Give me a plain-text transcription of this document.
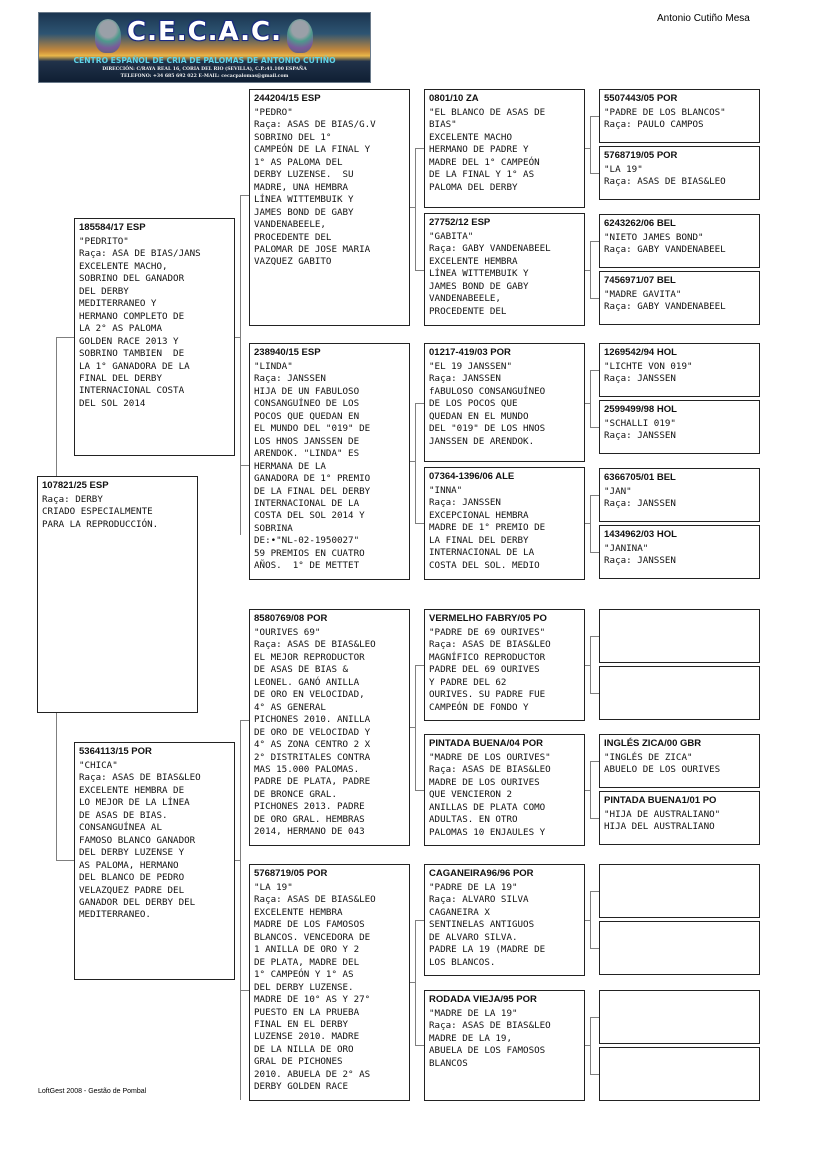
C.E.C.A.C.
CENTRO ESPAÑOL DE CRIA DE PALOMAS DE ANTONIO CUTIÑO
DIRECCIÓN: C/RAYA REAL 16, CORIA DEL RIO (SEVILLA), C.P.:41.100 ESPAÑA
TELEFONO: +34 685 692 022 E-MAIL: cecacpalomas@gmail.com
Antonio Cutiño Mesa
107821/25 ESP
Raça: DERBY
CRIADO ESPECIALMENTE
PARA LA REPRODUCCIÓN.
185584/17 ESP
"PEDRITO"
Raça: ASA DE BIAS/JANS
EXCELENTE MACHO,
SOBRINO DEL GANADOR
DEL DERBY
MEDITERRANEO Y
HERMANO COMPLETO DE
LA 2° AS PALOMA
GOLDEN RACE 2013 Y
SOBRINO TAMBIEN  DE
LA 1° GANADORA DE LA
FINAL DEL DERBY
INTERNACIONAL COSTA
DEL SOL 2014
5364113/15 POR
"CHICA"
Raça: ASAS DE BIAS&LEO
EXCELENTE HEMBRA DE
LO MEJOR DE LA LÍNEA
DE ASAS DE BIAS.
CONSANGUÍNEA AL
FAMOSO BLANCO GANADOR
DEL DERBY LUZENSE Y
AS PALOMA, HERMANO
DEL BLANCO DE PEDRO
VELAZQUEZ PADRE DEL
GANADOR DEL DERBY DEL
MEDITERRANEO.
244204/15 ESP
"PEDRO"
Raça: ASAS DE BIAS/G.V
SOBRINO DEL 1°
CAMPEÓN DE LA FINAL Y
1° AS PALOMA DEL
DERBY LUZENSE.  SU
MADRE, UNA HEMBRA
LÍNEA WITTEMBUIK Y
JAMES BOND DE GABY
VANDENABEELE,
PROCEDENTE DEL
PALOMAR DE JOSE MARIA
VAZQUEZ GABITO
238940/15 ESP
"LINDA"
Raça: JANSSEN
HIJA DE UN FABULOSO
CONSANGUÍNEO DE LOS
POCOS QUE QUEDAN EN
EL MUNDO DEL "019" DE
LOS HNOS JANSSEN DE
ARENDOK. "LINDA" ES
HERMANA DE LA
GANADORA DE 1° PREMIO
DE LA FINAL DEL DERBY
INTERNACIONAL DE LA
COSTA DEL SOL 2014 Y
SOBRINA
DE:•"NL-02-1950027"
59 PREMIOS EN CUATRO
AÑOS.  1° DE METTET
8580769/08 POR
"OURIVES 69"
Raça: ASAS DE BIAS&LEO
EL MEJOR REPRODUCTOR
DE ASAS DE BIAS &
LEONEL. GANÓ ANILLA
DE ORO EN VELOCIDAD,
4° AS GENERAL
PICHONES 2010. ANILLA
DE ORO DE VELOCIDAD Y
4° AS ZONA CENTRO 2 X
2° DISTRITALES CONTRA
MAS 15.000 PALOMAS.
PADRE DE PLATA, PADRE
DE BRONCE GRAL.
PICHONES 2013. PADRE
DE ORO GRAL. HEMBRAS
2014, HERMANO DE 043
5768719/05 POR
"LA 19"
Raça: ASAS DE BIAS&LEO
EXCELENTE HEMBRA
MADRE DE LOS FAMOSOS
BLANCOS. VENCEDORA DE
1 ANILLA DE ORO Y 2
DE PLATA, MADRE DEL
1° CAMPEÓN Y 1° AS
DEL DERBY LUZENSE.
MADRE DE 10° AS Y 27°
PUESTO EN LA PRUEBA
FINAL EN EL DERBY
LUZENSE 2010. MADRE
DE LA NILLA DE ORO
GRAL DE PICHONES
2010. ABUELA DE 2° AS
DERBY GOLDEN RACE
0801/10 ZA
"EL BLANCO DE ASAS DE
BIAS"
EXCELENTE MACHO
HERMANO DE PADRE Y
MADRE DEL 1° CAMPEÓN
DE LA FINAL Y 1° AS
PALOMA DEL DERBY
27752/12 ESP
"GABITA"
Raça: GABY VANDENABEEL
EXCELENTE HEMBRA
LÍNEA WITTEMBUIK Y
JAMES BOND DE GABY
VANDENABEELE,
PROCEDENTE DEL
01217-419/03 POR
"EL 19 JANSSEN"
Raça: JANSSEN
fABULOSO CONSANGUÍNEO
DE LOS POCOS QUE
QUEDAN EN EL MUNDO
DEL "019" DE LOS HNOS
JANSSEN DE ARENDOK.
07364-1396/06 ALE
"INNA"
Raça: JANSSEN
EXCEPCIONAL HEMBRA
MADRE DE 1° PREMIO DE
LA FINAL DEL DERBY
INTERNACIONAL DE LA
COSTA DEL SOL. MEDIO
VERMELHO FABRY/05 PO
"PADRE DE 69 OURIVES"
Raça: ASAS DE BIAS&LEO
MAGNÍFICO REPRODUCTOR
PADRE DEL 69 OURIVES
Y PADRE DEL 62
OURIVES. SU PADRE FUE
CAMPEÓN DE FONDO Y
PINTADA BUENA/04 POR
"MADRE DE LOS OURIVES"
Raça: ASAS DE BIAS&LEO
MADRE DE LOS OURIVES
QUE VENCIERON 2
ANILLAS DE PLATA COMO
ADULTAS. EN OTRO
PALOMAS 10 ENJAULES Y
CAGANEIRA96/96 POR
"PADRE DE LA 19"
Raça: ALVARO SILVA
CAGANEIRA X
SENTINELAS ANTIGUOS
DE ALVARO SILVA.
PADRE LA 19 (MADRE DE
LOS BLANCOS.
RODADA VIEJA/95 POR
"MADRE DE LA 19"
Raça: ASAS DE BIAS&LEO
MADRE DE LA 19,
ABUELA DE LOS FAMOSOS
BLANCOS
5507443/05 POR
"PADRE DE LOS BLANCOS"
Raça: PAULO CAMPOS
5768719/05 POR
"LA 19"
Raça: ASAS DE BIAS&LEO
6243262/06 BEL
"NIETO JAMES BOND"
Raça: GABY VANDENABEEL
7456971/07 BEL
"MADRE GAVITA"
Raça: GABY VANDENABEEL
1269542/94 HOL
"LICHTE VON 019"
Raça: JANSSEN
2599499/98 HOL
"SCHALLI 019"
Raça: JANSSEN
6366705/01 BEL
"JAN"
Raça: JANSSEN
1434962/03 HOL
"JANINA"
Raça: JANSSEN
INGLÉS ZICA/00 GBR
"INGLÉS DE ZICA"
ABUELO DE LOS OURIVES
PINTADA BUENA1/01 PO
"HIJA DE AUSTRALIANO"
HIJA DEL AUSTRALIANO
LoftGest 2008 - Gestão de Pombal
